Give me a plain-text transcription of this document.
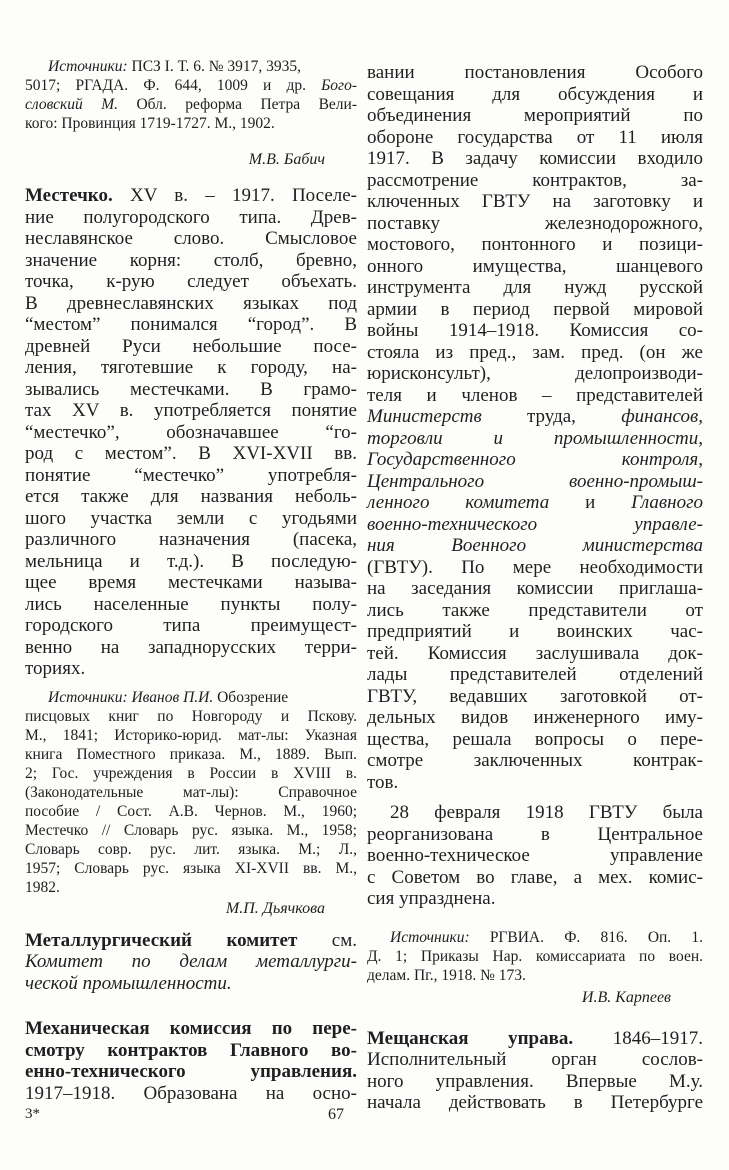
Источники: ПСЗ I. Т. 6. № 3917, 3935,
5017; РГАДА. Ф. 644, 1009 и др. Бого-
словский М. Обл. реформа Петра Вели-
кого: Провинция 1719-1727. М., 1902.
М.В. Бабич
Местечко. XV в. – 1917. Поселе-
ние полугородского типа. Древ-
неславянское слово. Смысловое
значение корня: столб, бревно,
точка, к-рую следует объехать.
В древнеславянских языках под
“местом” понимался “город”. В
древней Руси небольшие посе-
ления, тяготевшие к городу, на-
зывались местечками. В грамо-
тах XV в. употребляется понятие
“местечко”, обозначавшее “го-
род с местом”. В XVI-XVII вв.
понятие “местечко” употребля-
ется также для названия неболь-
шого участка земли с угодьями
различного назначения (пасека,
мельница и т.д.). В последую-
щее время местечками называ-
лись населенные пункты полу-
городского типа преимущест-
венно на западнорусских терри-
ториях.
Источники: Иванов П.И. Обозрение
писцовых книг по Новгороду и Пскову.
М., 1841; Историко-юрид. мат-лы: Указная
книга Поместного приказа. М., 1889. Вып.
2; Гос. учреждения в России в XVIII в.
(Законодательные мат-лы): Справочное
пособие / Сост. А.В. Чернов. М., 1960;
Местечко // Словарь рус. языка. М., 1958;
Словарь совр. рус. лит. языка. М.; Л.,
1957; Словарь рус. языка XI-XVII вв. М.,
1982.
М.П. Дьячкова
Металлургический комитет см.
Комитет по делам металлурги-
ческой промышленности.
Механическая комиссия по пере-
смотру контрактов Главного во-
енно-технического управления.
1917–1918. Образована на осно-
вании постановления Особого
совещания для обсуждения и
объединения мероприятий по
обороне государства от 11 июля
1917. В задачу комиссии входило
рассмотрение контрактов, за-
ключенных ГВТУ на заготовку и
поставку железнодорожного,
мостового, понтонного и позици-
онного имущества, шанцевого
инструмента для нужд русской
армии в период первой мировой
войны 1914–1918. Комиссия со-
стояла из пред., зам. пред. (он же
юрисконсульт), делопроизводи-
теля и членов – представителей
Министерств труда, финансов,
торговли и промышленности,
Государственного контроля,
Центрального военно-промыш-
ленного комитета и Главного
военно-технического управле-
ния Военного министерства
(ГВТУ). По мере необходимости
на заседания комиссии приглаша-
лись также представители от
предприятий и воинских час-
тей. Комиссия заслушивала док-
лады представителей отделений
ГВТУ, ведавших заготовкой от-
дельных видов инженерного иму-
щества, решала вопросы о пере-
смотре заключенных контрак-
тов.
28 февраля 1918 ГВТУ была
реорганизована в Центральное
военно-техническое управление
с Советом во главе, а мех. комис-
сия упразднена.
Источники: РГВИА. Ф. 816. Оп. 1.
Д. 1; Приказы Нар. комиссариата по воен.
делам. Пг., 1918. № 173.
И.В. Карпеев
Мещанская управа. 1846–1917.
Исполнительный орган сослов-
ного управления. Впервые М.у.
начала действовать в Петербурге
3*	67
